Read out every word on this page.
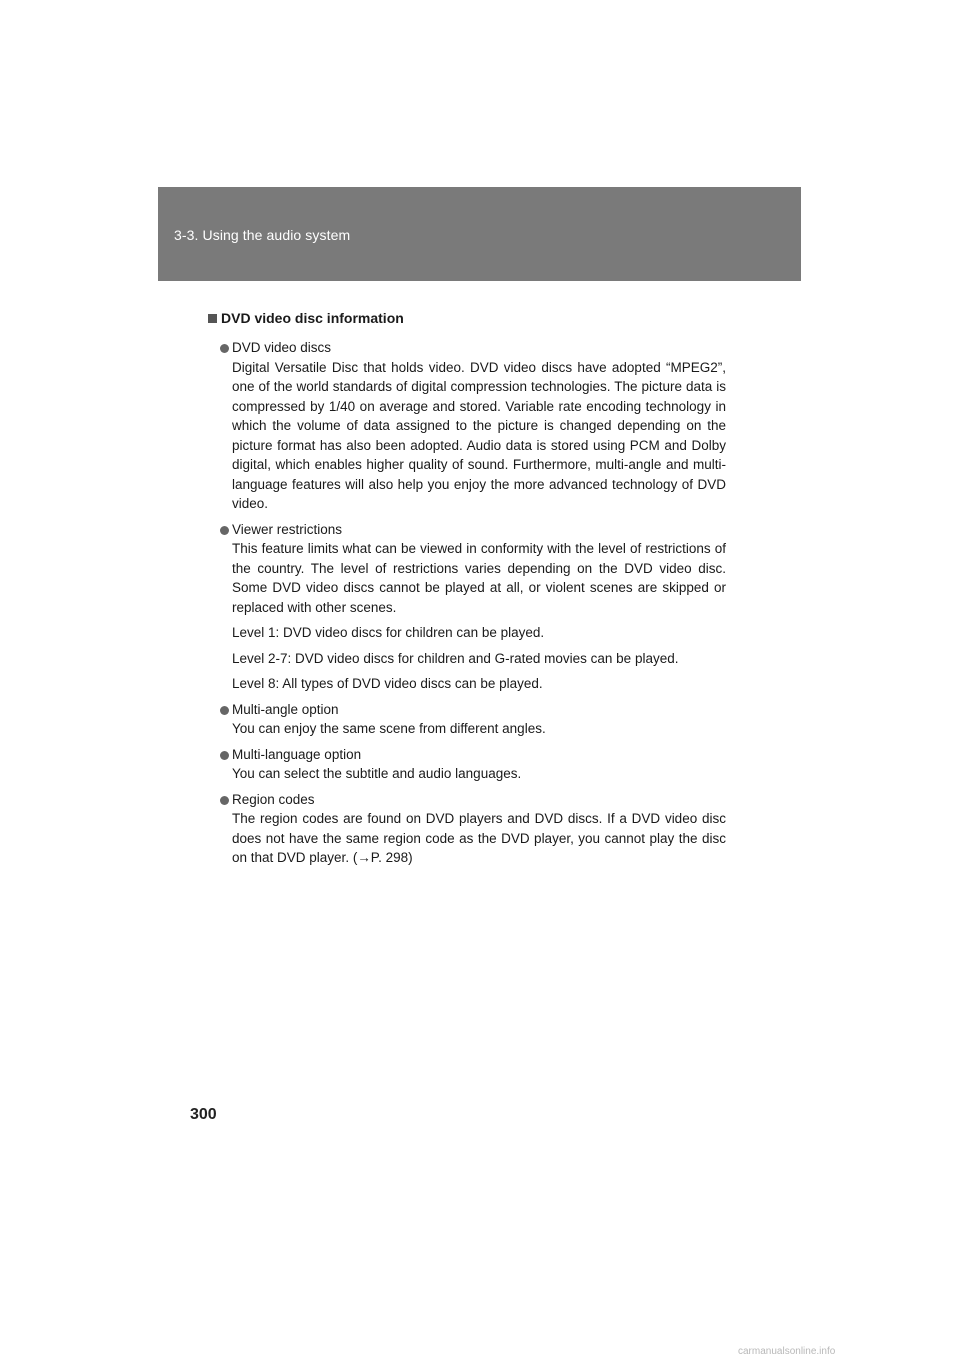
3-3. Using the audio system
DVD video disc information
DVD video discs
Digital Versatile Disc that holds video. DVD video discs have adopted “MPEG2”, one of the world standards of digital compression technologies. The picture data is compressed by 1/40 on average and stored. Variable rate encoding technology in which the volume of data assigned to the picture is changed depending on the picture format has also been adopted. Audio data is stored using PCM and Dolby digital, which enables higher quality of sound. Furthermore, multi-angle and multi-language features will also help you enjoy the more advanced technology of DVD video.
Viewer restrictions
This feature limits what can be viewed in conformity with the level of restrictions of the country. The level of restrictions varies depending on the DVD video disc. Some DVD video discs cannot be played at all, or violent scenes are skipped or replaced with other scenes.
Level 1: DVD video discs for children can be played.
Level 2-7: DVD video discs for children and G-rated movies can be played.
Level 8: All types of DVD video discs can be played.
Multi-angle option
You can enjoy the same scene from different angles.
Multi-language option
You can select the subtitle and audio languages.
Region codes
The region codes are found on DVD players and DVD discs. If a DVD video disc does not have the same region code as the DVD player, you cannot play the disc on that DVD player. (→P. 298)
300
carmanualsonline.info
